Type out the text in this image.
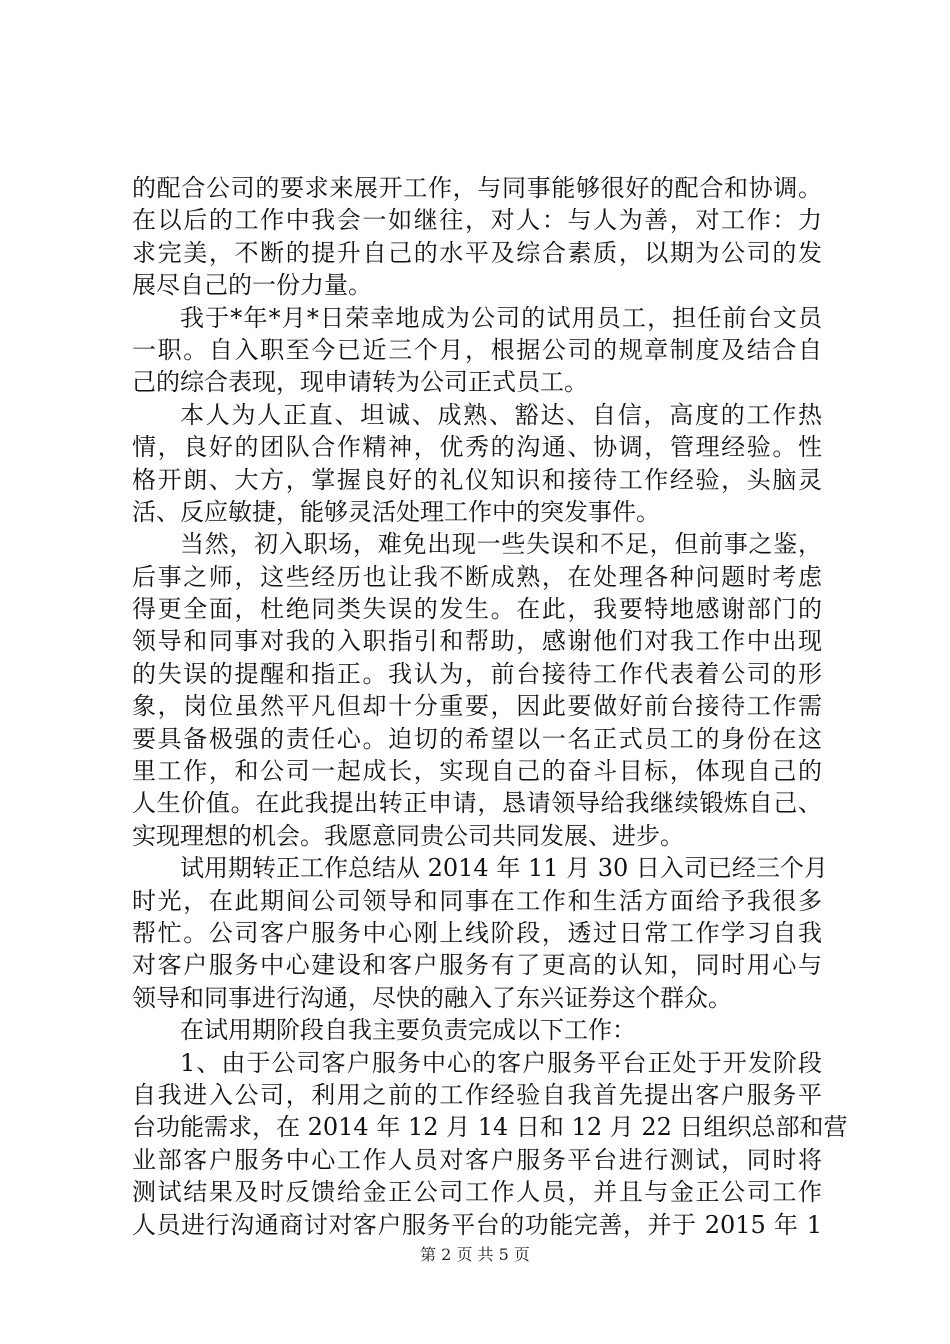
的配合公司的要求来展开工作，与同事能够很好的配合和协调。
在以后的工作中我会一如继往，对人：与人为善，对工作：力
求完美，不断的提升自己的水平及综合素质，以期为公司的发
展尽自己的一份力量。
我于*年*月*日荣幸地成为公司的试用员工，担任前台文员
一职。自入职至今已近三个月，根据公司的规章制度及结合自
己的综合表现，现申请转为公司正式员工。
本人为人正直、坦诚、成熟、豁达、自信，高度的工作热
情，良好的团队合作精神，优秀的沟通、协调，管理经验。性
格开朗、大方，掌握良好的礼仪知识和接待工作经验，头脑灵
活、反应敏捷，能够灵活处理工作中的突发事件。
当然，初入职场，难免出现一些失误和不足，但前事之鉴，
后事之师，这些经历也让我不断成熟，在处理各种问题时考虑
得更全面，杜绝同类失误的发生。在此，我要特地感谢部门的
领导和同事对我的入职指引和帮助，感谢他们对我工作中出现
的失误的提醒和指正。我认为，前台接待工作代表着公司的形
象，岗位虽然平凡但却十分重要，因此要做好前台接待工作需
要具备极强的责任心。迫切的希望以一名正式员工的身份在这
里工作，和公司一起成长，实现自己的奋斗目标，体现自己的
人生价值。在此我提出转正申请，恳请领导给我继续锻炼自己、
实现理想的机会。我愿意同贵公司共同发展、进步。
试用期转正工作总结从 2014 年 11 月 30 日入司已经三个月
时光，在此期间公司领导和同事在工作和生活方面给予我很多
帮忙。公司客户服务中心刚上线阶段，透过日常工作学习自我
对客户服务中心建设和客户服务有了更高的认知，同时用心与
领导和同事进行沟通，尽快的融入了东兴证券这个群众。
在试用期阶段自我主要负责完成以下工作：
1、由于公司客户服务中心的客户服务平台正处于开发阶段
自我进入公司，利用之前的工作经验自我首先提出客户服务平
台功能需求，在 2014 年 12 月 14 日和 12 月 22 日组织总部和营
业部客户服务中心工作人员对客户服务平台进行测试，同时将
测试结果及时反馈给金正公司工作人员，并且与金正公司工作
人员进行沟通商讨对客户服务平台的功能完善，并于 2015 年 1
第 2 页 共 5 页
